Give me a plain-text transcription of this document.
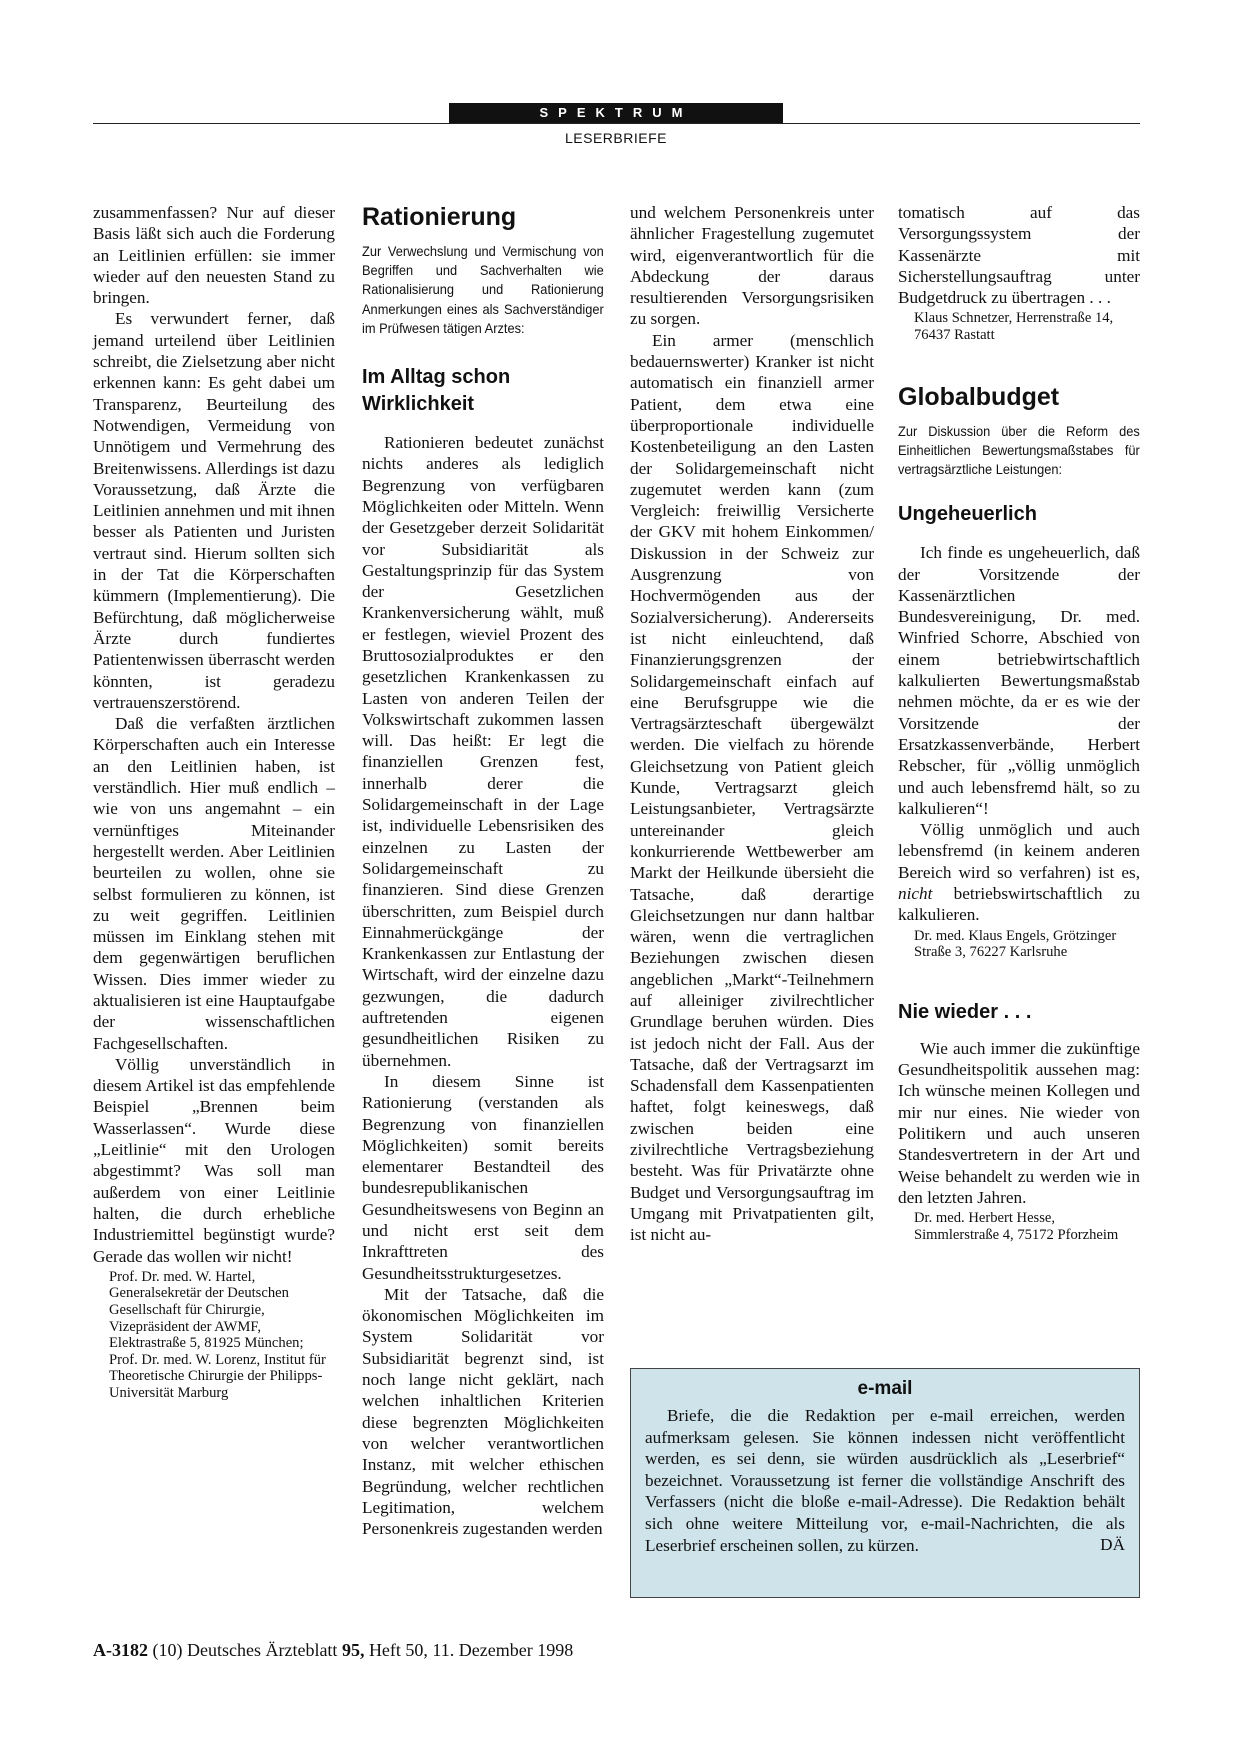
SPEKTRUM
LESERBRIEFE

zusammenfassen? Nur auf dieser Basis läßt sich auch die Forderung an Leitlinien erfüllen: sie immer wieder auf den neuesten Stand zu bringen.

Es verwundert ferner, daß jemand urteilend über Leitlinien schreibt, die Zielsetzung aber nicht erkennen kann: Es geht dabei um Transparenz, Beurteilung des Notwendigen, Vermeidung von Unnötigem und Vermehrung des Breitenwissens. Allerdings ist dazu Voraussetzung, daß Ärzte die Leitlinien annehmen und mit ihnen besser als Patienten und Juristen vertraut sind. Hierum sollten sich in der Tat die Körperschaften kümmern (Implementierung). Die Befürchtung, daß möglicherweise Ärzte durch fundiertes Patientenwissen überrascht werden könnten, ist geradezu vertrauenszerstörend.

Daß die verfaßten ärztlichen Körperschaften auch ein Interesse an den Leitlinien haben, ist verständlich. Hier muß endlich – wie von uns angemahnt – ein vernünftiges Miteinander hergestellt werden. Aber Leitlinien beurteilen zu wollen, ohne sie selbst formulieren zu können, ist zu weit gegriffen. Leitlinien müssen im Einklang stehen mit dem gegenwärtigen beruflichen Wissen. Dies immer wieder zu aktualisieren ist eine Hauptaufgabe der wissenschaftlichen Fachgesellschaften.

Völlig unverständlich in diesem Artikel ist das empfehlende Beispiel „Brennen beim Wasserlassen“. Wurde diese „Leitlinie“ mit den Urologen abgestimmt? Was soll man außerdem von einer Leitlinie halten, die durch erhebliche Industriemittel begünstigt wurde? Gerade das wollen wir nicht!

Prof. Dr. med. W. Hartel, Generalsekretär der Deutschen Gesellschaft für Chirurgie, Vizepräsident der AWMF, Elektrastraße 5, 81925 München; Prof. Dr. med. W. Lorenz, Institut für Theoretische Chirurgie der Philipps-Universität Marburg

Rationierung

Zur Verwechslung und Vermischung von Begriffen und Sachverhalten wie Rationalisierung und Rationierung Anmerkungen eines als Sachverständiger im Prüfwesen tätigen Arztes:

Im Alltag schon
Wirklichkeit

Rationieren bedeutet zunächst nichts anderes als lediglich Begrenzung von verfügbaren Möglichkeiten oder Mitteln. Wenn der Gesetzgeber derzeit Solidarität vor Subsidiarität als Gestaltungsprinzip für das System der Gesetzlichen Krankenversicherung wählt, muß er festlegen, wieviel Prozent des Bruttosozialproduktes er den gesetzlichen Krankenkassen zu Lasten von anderen Teilen der Volkswirtschaft zukommen lassen will. Das heißt: Er legt die finanziellen Grenzen fest, innerhalb derer die Solidargemeinschaft in der Lage ist, individuelle Lebensrisiken des einzelnen zu Lasten der Solidargemeinschaft zu finanzieren. Sind diese Grenzen überschritten, zum Beispiel durch Einnahmerückgänge der Krankenkassen zur Entlastung der Wirtschaft, wird der einzelne dazu gezwungen, die dadurch auftretenden eigenen gesundheitlichen Risiken zu übernehmen.

In diesem Sinne ist Rationierung (verstanden als Begrenzung von finanziellen Möglichkeiten) somit bereits elementarer Bestandteil des bundesrepublikanischen Gesundheitswesens von Beginn an und nicht erst seit dem Inkrafttreten des Gesundheitsstrukturgesetzes.

Mit der Tatsache, daß die ökonomischen Möglichkeiten im System Solidarität vor Subsidiarität begrenzt sind, ist noch lange nicht geklärt, nach welchen inhaltlichen Kriterien diese begrenzten Möglichkeiten von welcher verantwortlichen Instanz, mit welcher ethischen Begründung, welcher rechtlichen Legitimation, welchem Personenkreis zugestanden werden

und welchem Personenkreis unter ähnlicher Fragestellung zugemutet wird, eigenverantwortlich für die Abdeckung der daraus resultierenden Versorgungsrisiken zu sorgen.

Ein armer (menschlich bedauernswerter) Kranker ist nicht automatisch ein finanziell armer Patient, dem etwa eine überproportionale individuelle Kostenbeteiligung an den Lasten der Solidargemeinschaft nicht zugemutet werden kann (zum Vergleich: freiwillig Versicherte der GKV mit hohem Einkommen/ Diskussion in der Schweiz zur Ausgrenzung von Hochvermögenden aus der Sozialversicherung). Andererseits ist nicht einleuchtend, daß Finanzierungsgrenzen der Solidargemeinschaft einfach auf eine Berufsgruppe wie die Vertragsärzteschaft übergewälzt werden. Die vielfach zu hörende Gleichsetzung von Patient gleich Kunde, Vertragsarzt gleich Leistungsanbieter, Vertragsärzte untereinander gleich konkurrierende Wettbewerber am Markt der Heilkunde übersieht die Tatsache, daß derartige Gleichsetzungen nur dann haltbar wären, wenn die vertraglichen Beziehungen zwischen diesen angeblichen „Markt“-Teilnehmern auf alleiniger zivilrechtlicher Grundlage beruhen würden. Dies ist jedoch nicht der Fall. Aus der Tatsache, daß der Vertragsarzt im Schadensfall dem Kassenpatienten haftet, folgt keineswegs, daß zwischen beiden eine zivilrechtliche Vertragsbeziehung besteht. Was für Privatärzte ohne Budget und Versorgungsauftrag im Umgang mit Privatpatienten gilt, ist nicht au-

tomatisch auf das Versorgungssystem der Kassenärzte mit Sicherstellungsauftrag unter Budgetdruck zu übertragen . . .

Klaus Schnetzer, Herrenstraße 14, 76437 Rastatt

Globalbudget

Zur Diskussion über die Reform des Einheitlichen Bewertungsmaßstabes für vertragsärztliche Leistungen:

Ungeheuerlich

Ich finde es ungeheuerlich, daß der Vorsitzende der Kassenärztlichen Bundesvereinigung, Dr. med. Winfried Schorre, Abschied von einem betriebwirtschaftlich kalkulierten Bewertungsmaßstab nehmen möchte, da er es wie der Vorsitzende der Ersatzkassenverbände, Herbert Rebscher, für „völlig unmöglich und auch lebensfremd hält, so zu kalkulieren“!

Völlig unmöglich und auch lebensfremd (in keinem anderen Bereich wird so verfahren) ist es, nicht betriebswirtschaftlich zu kalkulieren.

Dr. med. Klaus Engels, Grötzinger Straße 3, 76227 Karlsruhe

Nie wieder . . .

Wie auch immer die zukünftige Gesundheitspolitik aussehen mag: Ich wünsche meinen Kollegen und mir nur eines. Nie wieder von Politikern und auch unseren Standesvertretern in der Art und Weise behandelt zu werden wie in den letzten Jahren.

Dr. med. Herbert Hesse, Simmlerstraße 4, 75172 Pforzheim

e-mail

Briefe, die die Redaktion per e-mail erreichen, werden aufmerksam gelesen. Sie können indessen nicht veröffentlicht werden, es sei denn, sie würden ausdrücklich als „Leserbrief“ bezeichnet. Voraussetzung ist ferner die vollständige Anschrift des Verfassers (nicht die bloße e-mail-Adresse). Die Redaktion behält sich ohne weitere Mitteilung vor, e-mail-Nachrichten, die als Leserbrief erscheinen sollen, zu kürzen.	DÄ
A-3182 (10) Deutsches Ärzteblatt 95, Heft 50, 11. Dezember 1998
